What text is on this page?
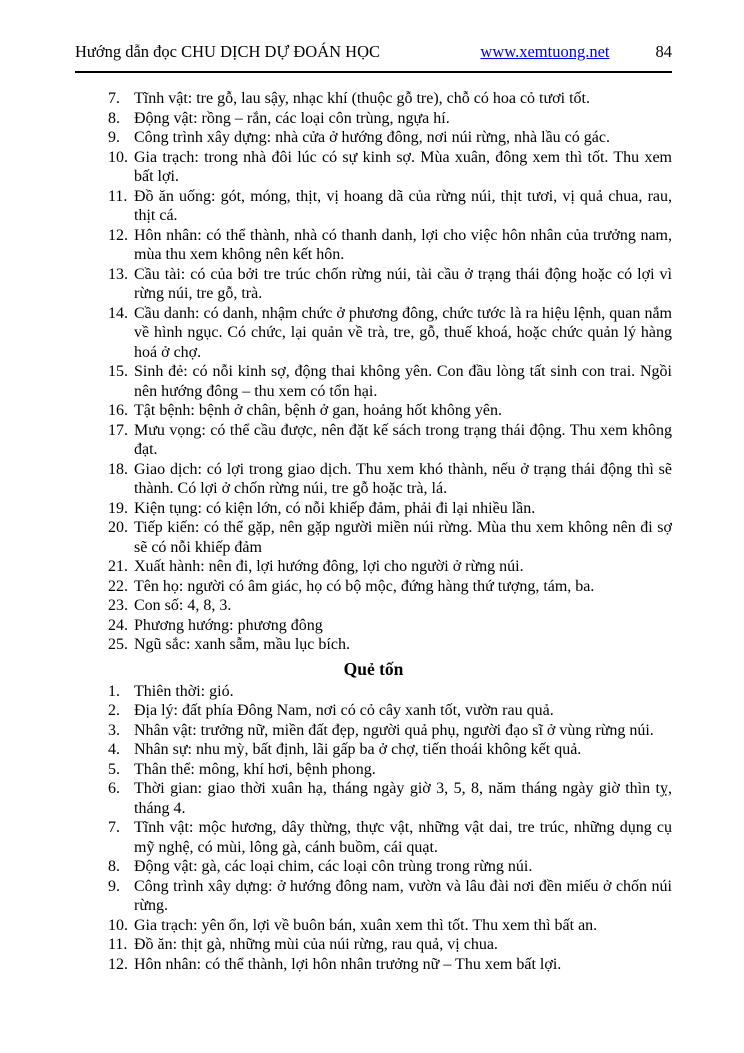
Hướng dẫn đọc CHU DỊCH DỰ ĐOÁN HỌC	www.xemtuong.net	84
7. Tĩnh vật: tre gỗ, lau sậy, nhạc khí (thuộc gỗ tre), chỗ có hoa cỏ tươi tốt.
8. Động vật: rồng – rắn, các loại côn trùng, ngựa hí.
9. Công trình xây dựng: nhà cửa ở hướng đông, nơi núi rừng, nhà lầu có gác.
10. Gia trạch: trong nhà đôi lúc có sự kinh sợ. Mùa xuân, đông xem thì tốt. Thu xem bất lợi.
11. Đồ ăn uống: gót, móng, thịt, vị hoang dã của rừng núi, thịt tươi, vị quả chua, rau, thịt cá.
12. Hôn nhân: có thể thành, nhà có thanh danh, lợi cho việc hôn nhân của trưởng nam, mùa thu xem không nên kết hôn.
13. Cầu tài: có của bởi tre trúc chốn rừng núi, tài cầu ở trạng thái động hoặc có lợi vì rừng núi, tre gỗ, trà.
14. Cầu danh: có danh, nhậm chức ở phương đông, chức tước là ra hiệu lệnh, quan nắm về hình ngục. Có chức, lại quản về trà, tre, gỗ, thuế khoá, hoặc chức quản lý hàng hoá ở chợ.
15. Sinh đẻ: có nỗi kinh sợ, động thai không yên. Con đầu lòng tất sinh con trai. Ngồi nên hướng đông – thu xem có tổn hại.
16. Tật bệnh: bệnh ở chân, bệnh ở gan, hoảng hốt không yên.
17. Mưu vọng: có thể cầu được, nên đặt kế sách trong trạng thái động. Thu xem không đạt.
18. Giao dịch: có lợi trong giao dịch. Thu xem khó thành, nếu ở trạng thái động thì sẽ thành. Có lợi ở chốn rừng núi, tre gỗ hoặc trà, lá.
19. Kiện tụng: có kiện lớn, có nỗi khiếp đảm, phải đi lại nhiều lần.
20. Tiếp kiến: có thể gặp, nên gặp người miền núi rừng. Mùa thu xem không nên đi sợ sẽ có nỗi khiếp đảm
21. Xuất hành: nên đi, lợi hướng đông, lợi cho người ở rừng núi.
22. Tên họ: người có âm giác, họ có bộ mộc, đứng hàng thứ tượng, tám, ba.
23. Con số: 4, 8, 3.
24. Phương hướng: phương đông
25. Ngũ sắc: xanh sẫm, mầu lục bích.
Quẻ tốn
1. Thiên thời: gió.
2. Địa lý: đất phía Đông Nam, nơi có cỏ cây xanh tốt, vườn rau quả.
3. Nhân vật: trưởng nữ, miền đất đẹp, người quả phụ, người đạo sĩ ở vùng rừng núi.
4. Nhân sự: nhu mỳ, bất định, lãi gấp ba ở chợ, tiến thoái không kết quả.
5. Thân thể: mông, khí hơi, bệnh phong.
6. Thời gian: giao thời xuân hạ, tháng ngày giờ 3, 5, 8, năm tháng ngày giờ thìn tỵ, tháng 4.
7. Tĩnh vật: mộc hương, dây thừng, thực vật, những vật dai, tre trúc, những dụng cụ mỹ nghệ, có mùi, lông gà, cánh buồm, cái quạt.
8. Động vật: gà, các loại chim, các loại côn trùng trong rừng núi.
9. Công trình xây dựng: ở hướng đông nam, vườn và lâu đài nơi đền miếu ở chốn núi rừng.
10. Gia trạch: yên ổn, lợi về buôn bán, xuân xem thì tốt. Thu xem thì bất an.
11. Đồ ăn: thịt gà, những mùi của núi rừng, rau quả, vị chua.
12. Hôn nhân: có thể thành, lợi hôn nhân trưởng nữ – Thu xem bất lợi.
